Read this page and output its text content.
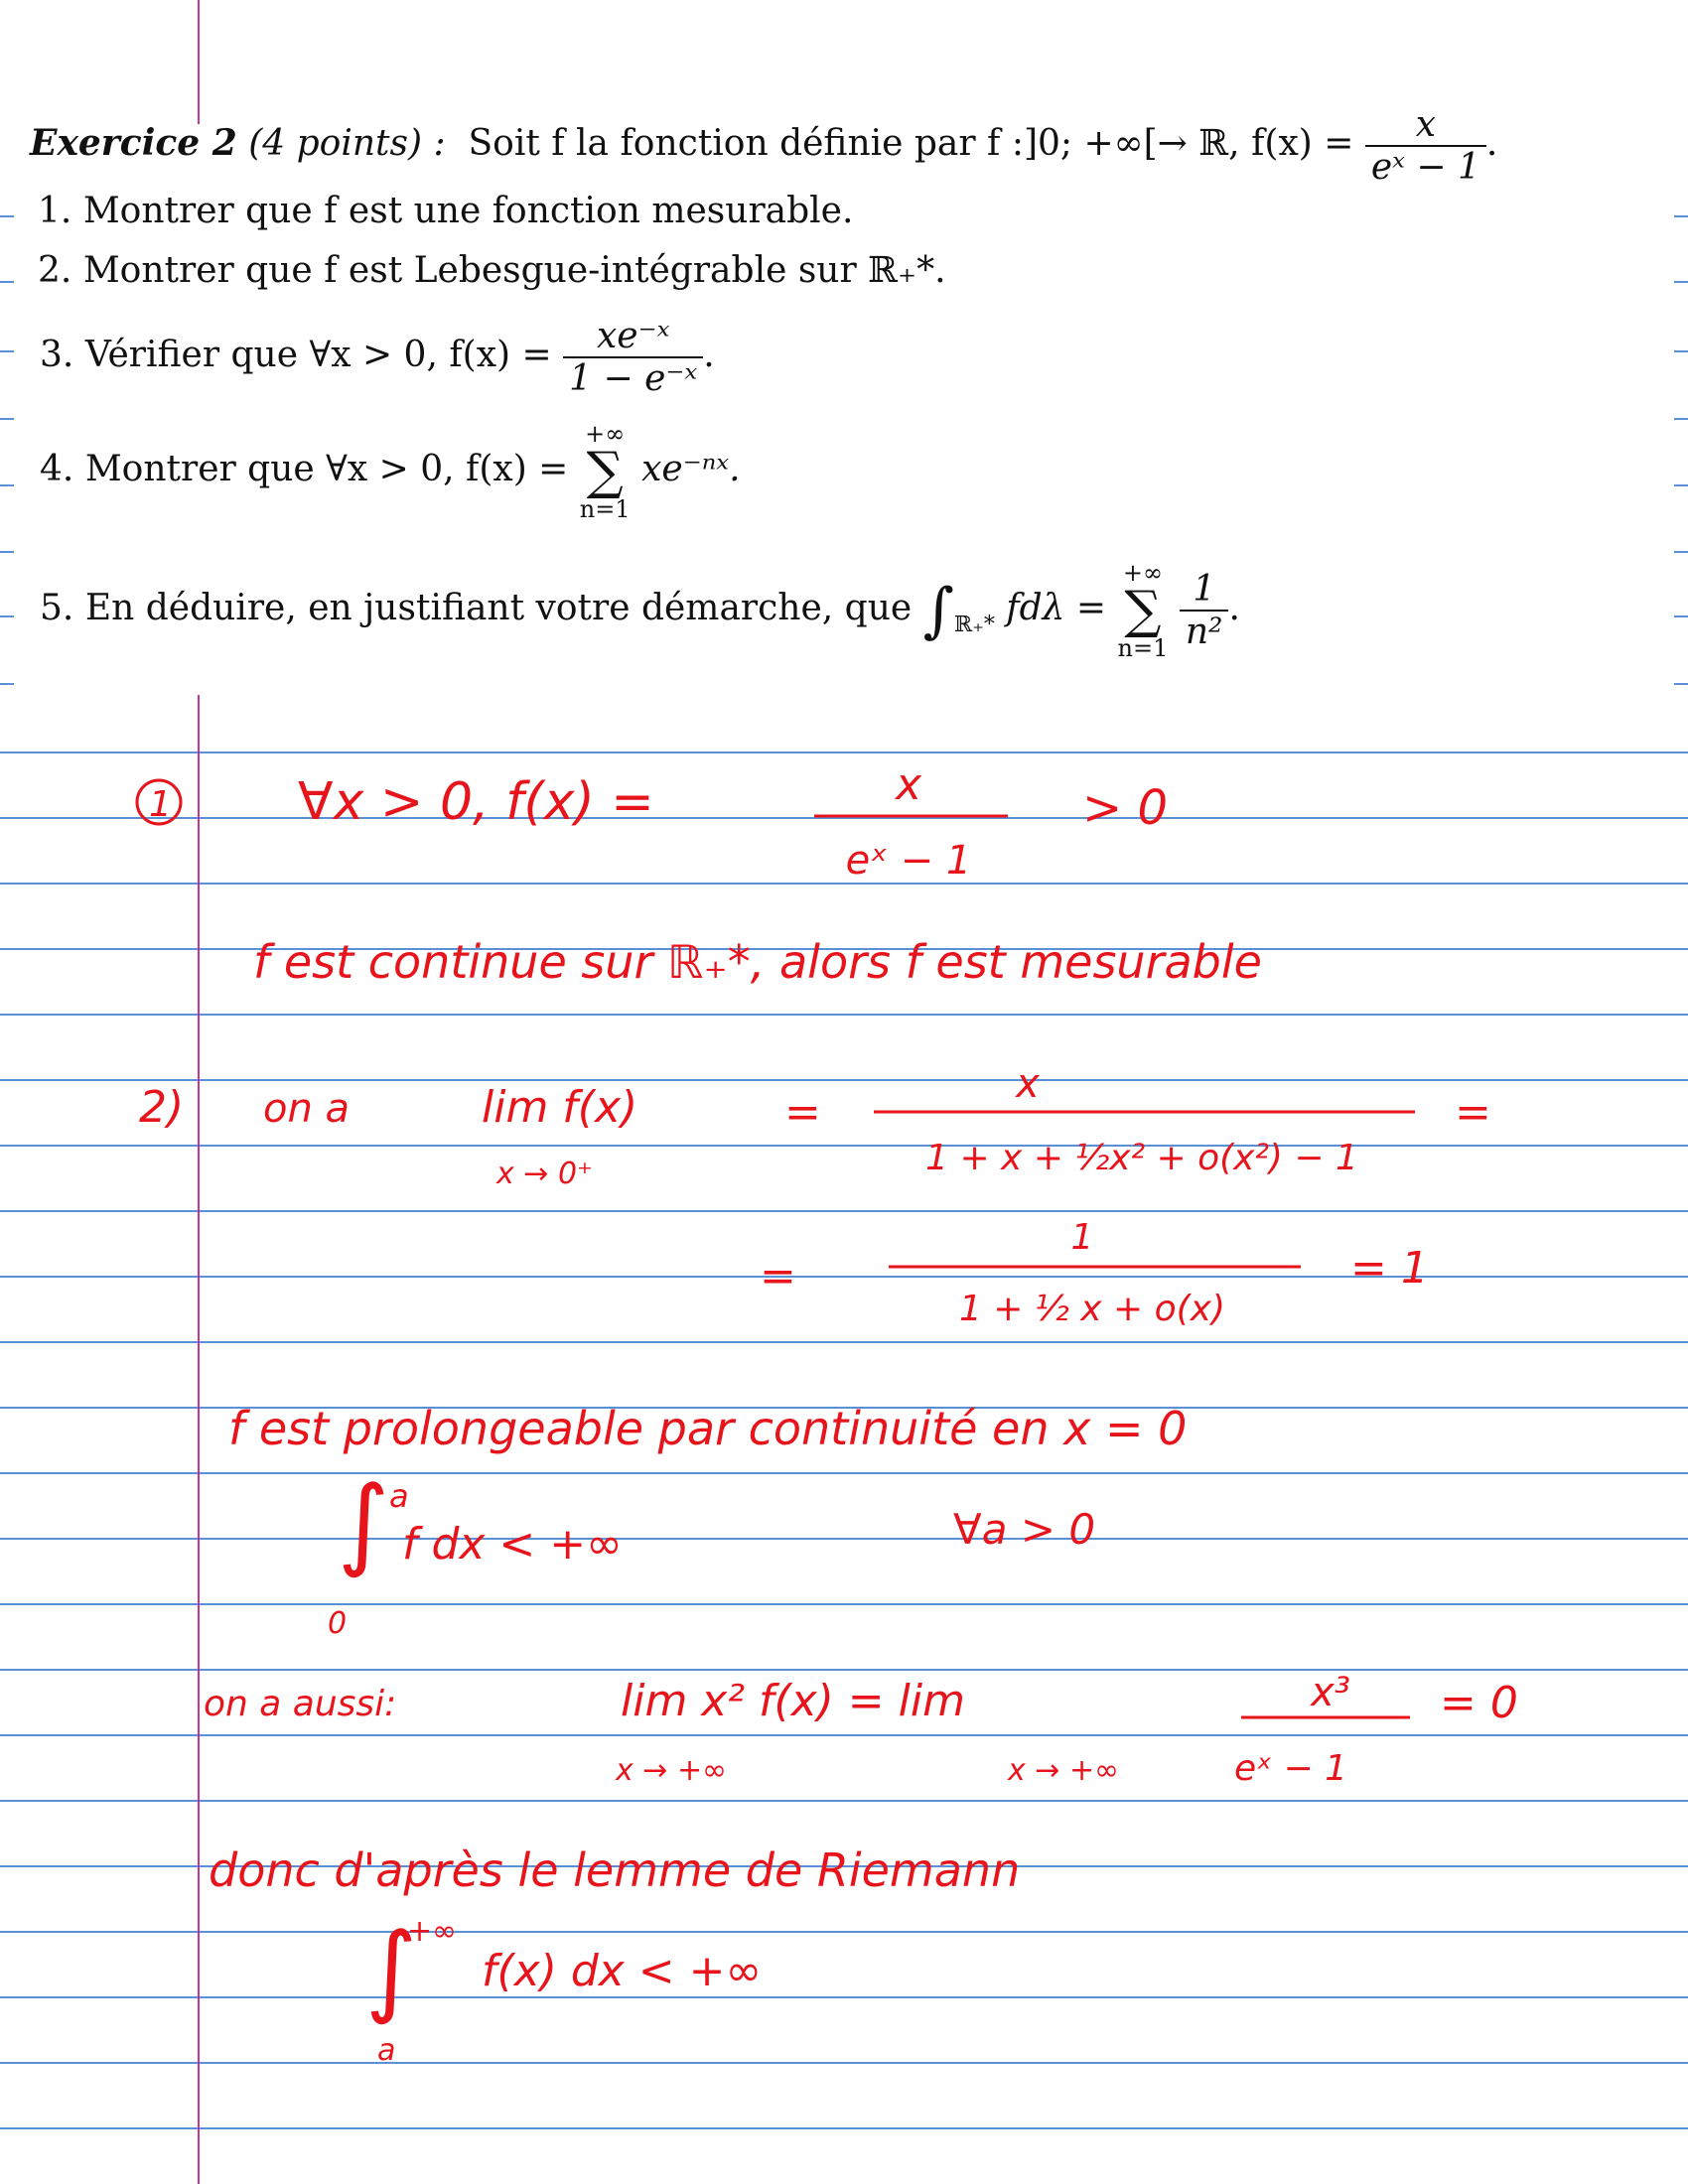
Exercice 2 (4 points) : Soit f la fonction définie par f :]0; +∞[→ ℝ, $f(x) = \frac{x}{\text{eˣ − 1}}$ .
1. Montrer que f est une fonction mesurable.
2. Montrer que f est Lebesgue-intégrable sur ℝ₊*.
3. Vérifier que ∀x > 0, $f(x) = \frac{\text{xe⁻ˣ}}{\text{1 − e⁻ˣ}}$ .
4. Montrer que ∀x > 0, f(x) =
+∞
∑
n=1
xe⁻ⁿˣ.
5. En déduire, en justifiant votre démarche, que $\int_{ℝ_+*}$ fdλ =
+∞
∑
n=1
$\frac{1}{\text{n²}}$ .
1 ∀x > 0, f(x) =	x
eˣ − 1
> 0
f est continue sur ℝ₊*, alors f est mesurable
2) on a	lim f(x)
x → 0⁺
=
x
1 + x + ½x² + o(x²) − 1
=
=
1
1 + ½ x + o(x)
= 1
f est prolongeable par continuité en x = 0
∫ a
0
f dx < +∞	∀a > 0
on a aussi:	lim x² f(x) = lim
x → +∞	x → +∞
x³
eˣ − 1
= 0
donc d'après le lemme de Riemann
∫
+∞
a
f(x) dx < +∞
